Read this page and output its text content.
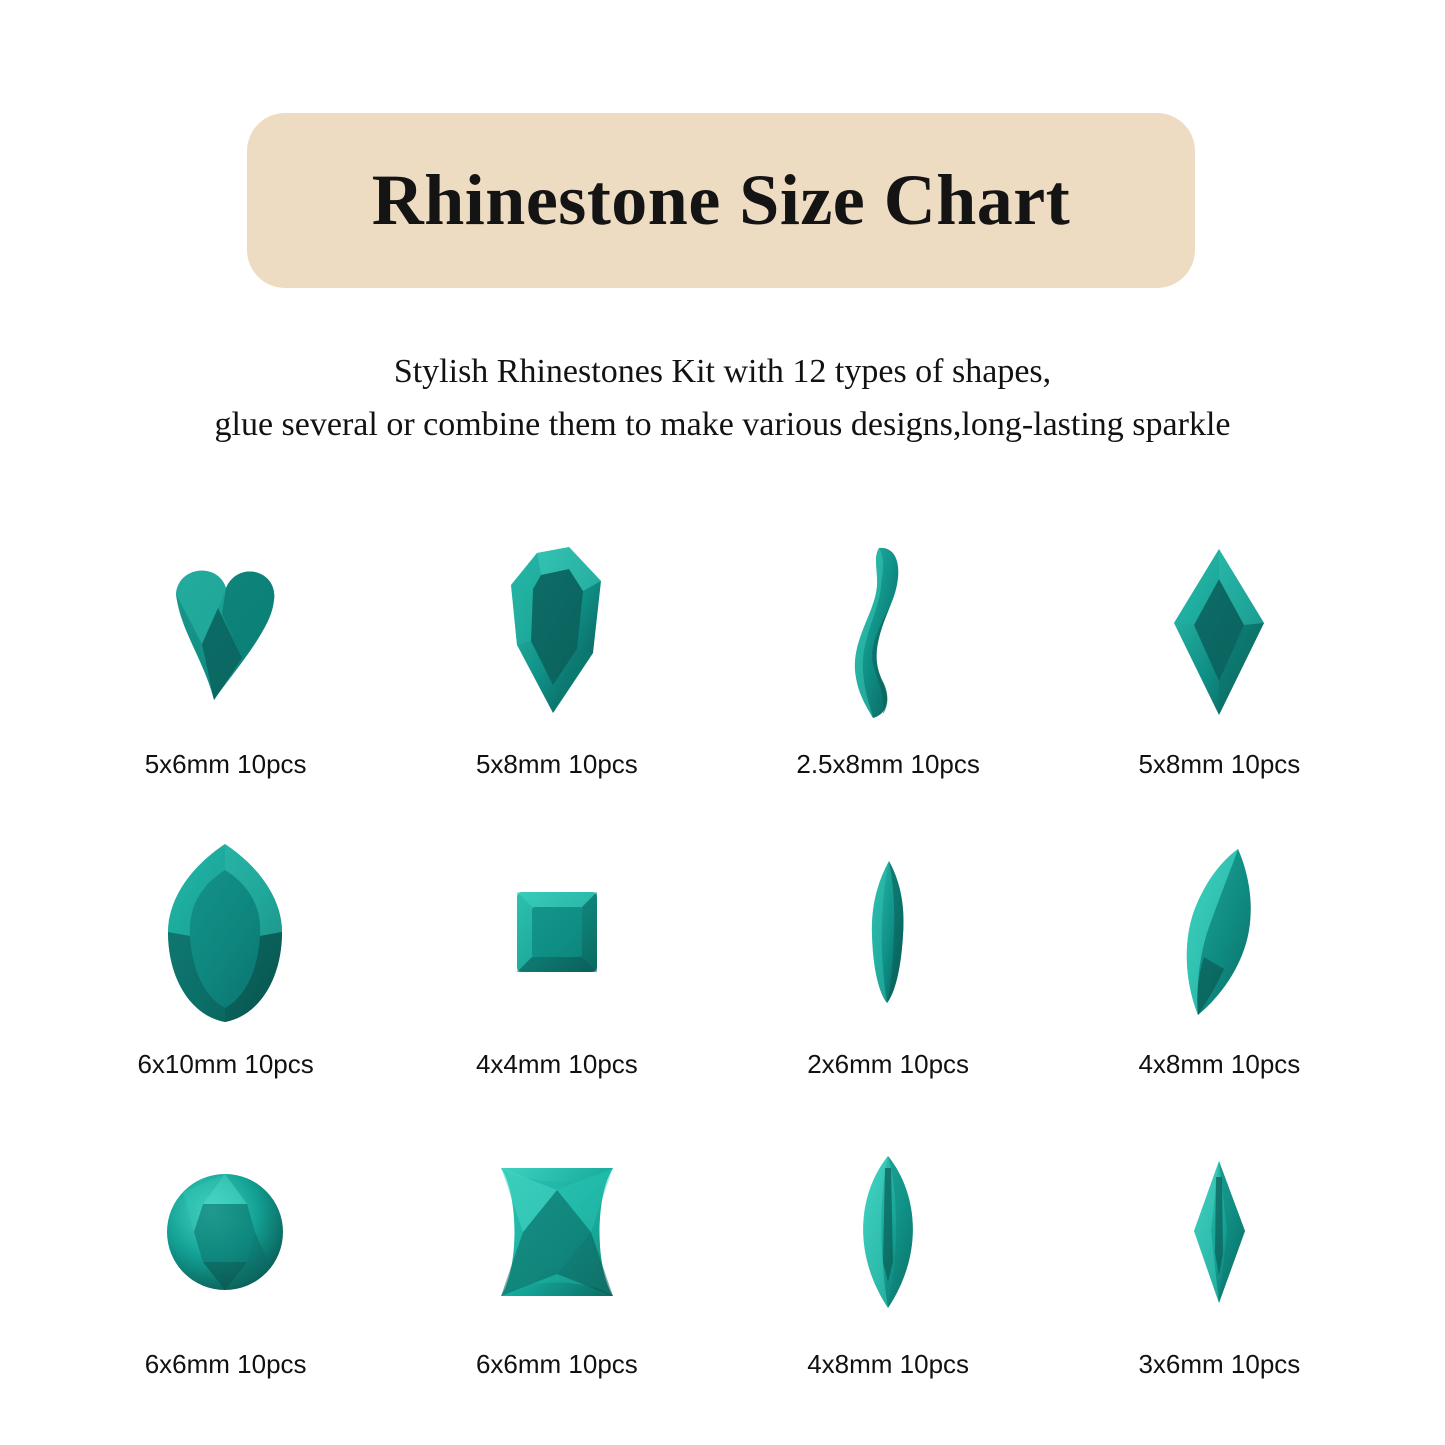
Rhinestone Size Chart
Stylish Rhinestones Kit with 12 types of shapes,
glue several or combine them to make various designs,long-lasting sparkle
5x6mm 10pcs	5x8mm 10pcs	2.5x8mm 10pcs	5x8mm 10pcs
6x10mm 10pcs	4x4mm 10pcs	2x6mm 10pcs	4x8mm 10pcs
6x6mm 10pcs	6x6mm 10pcs	4x8mm 10pcs	3x6mm 10pcs
